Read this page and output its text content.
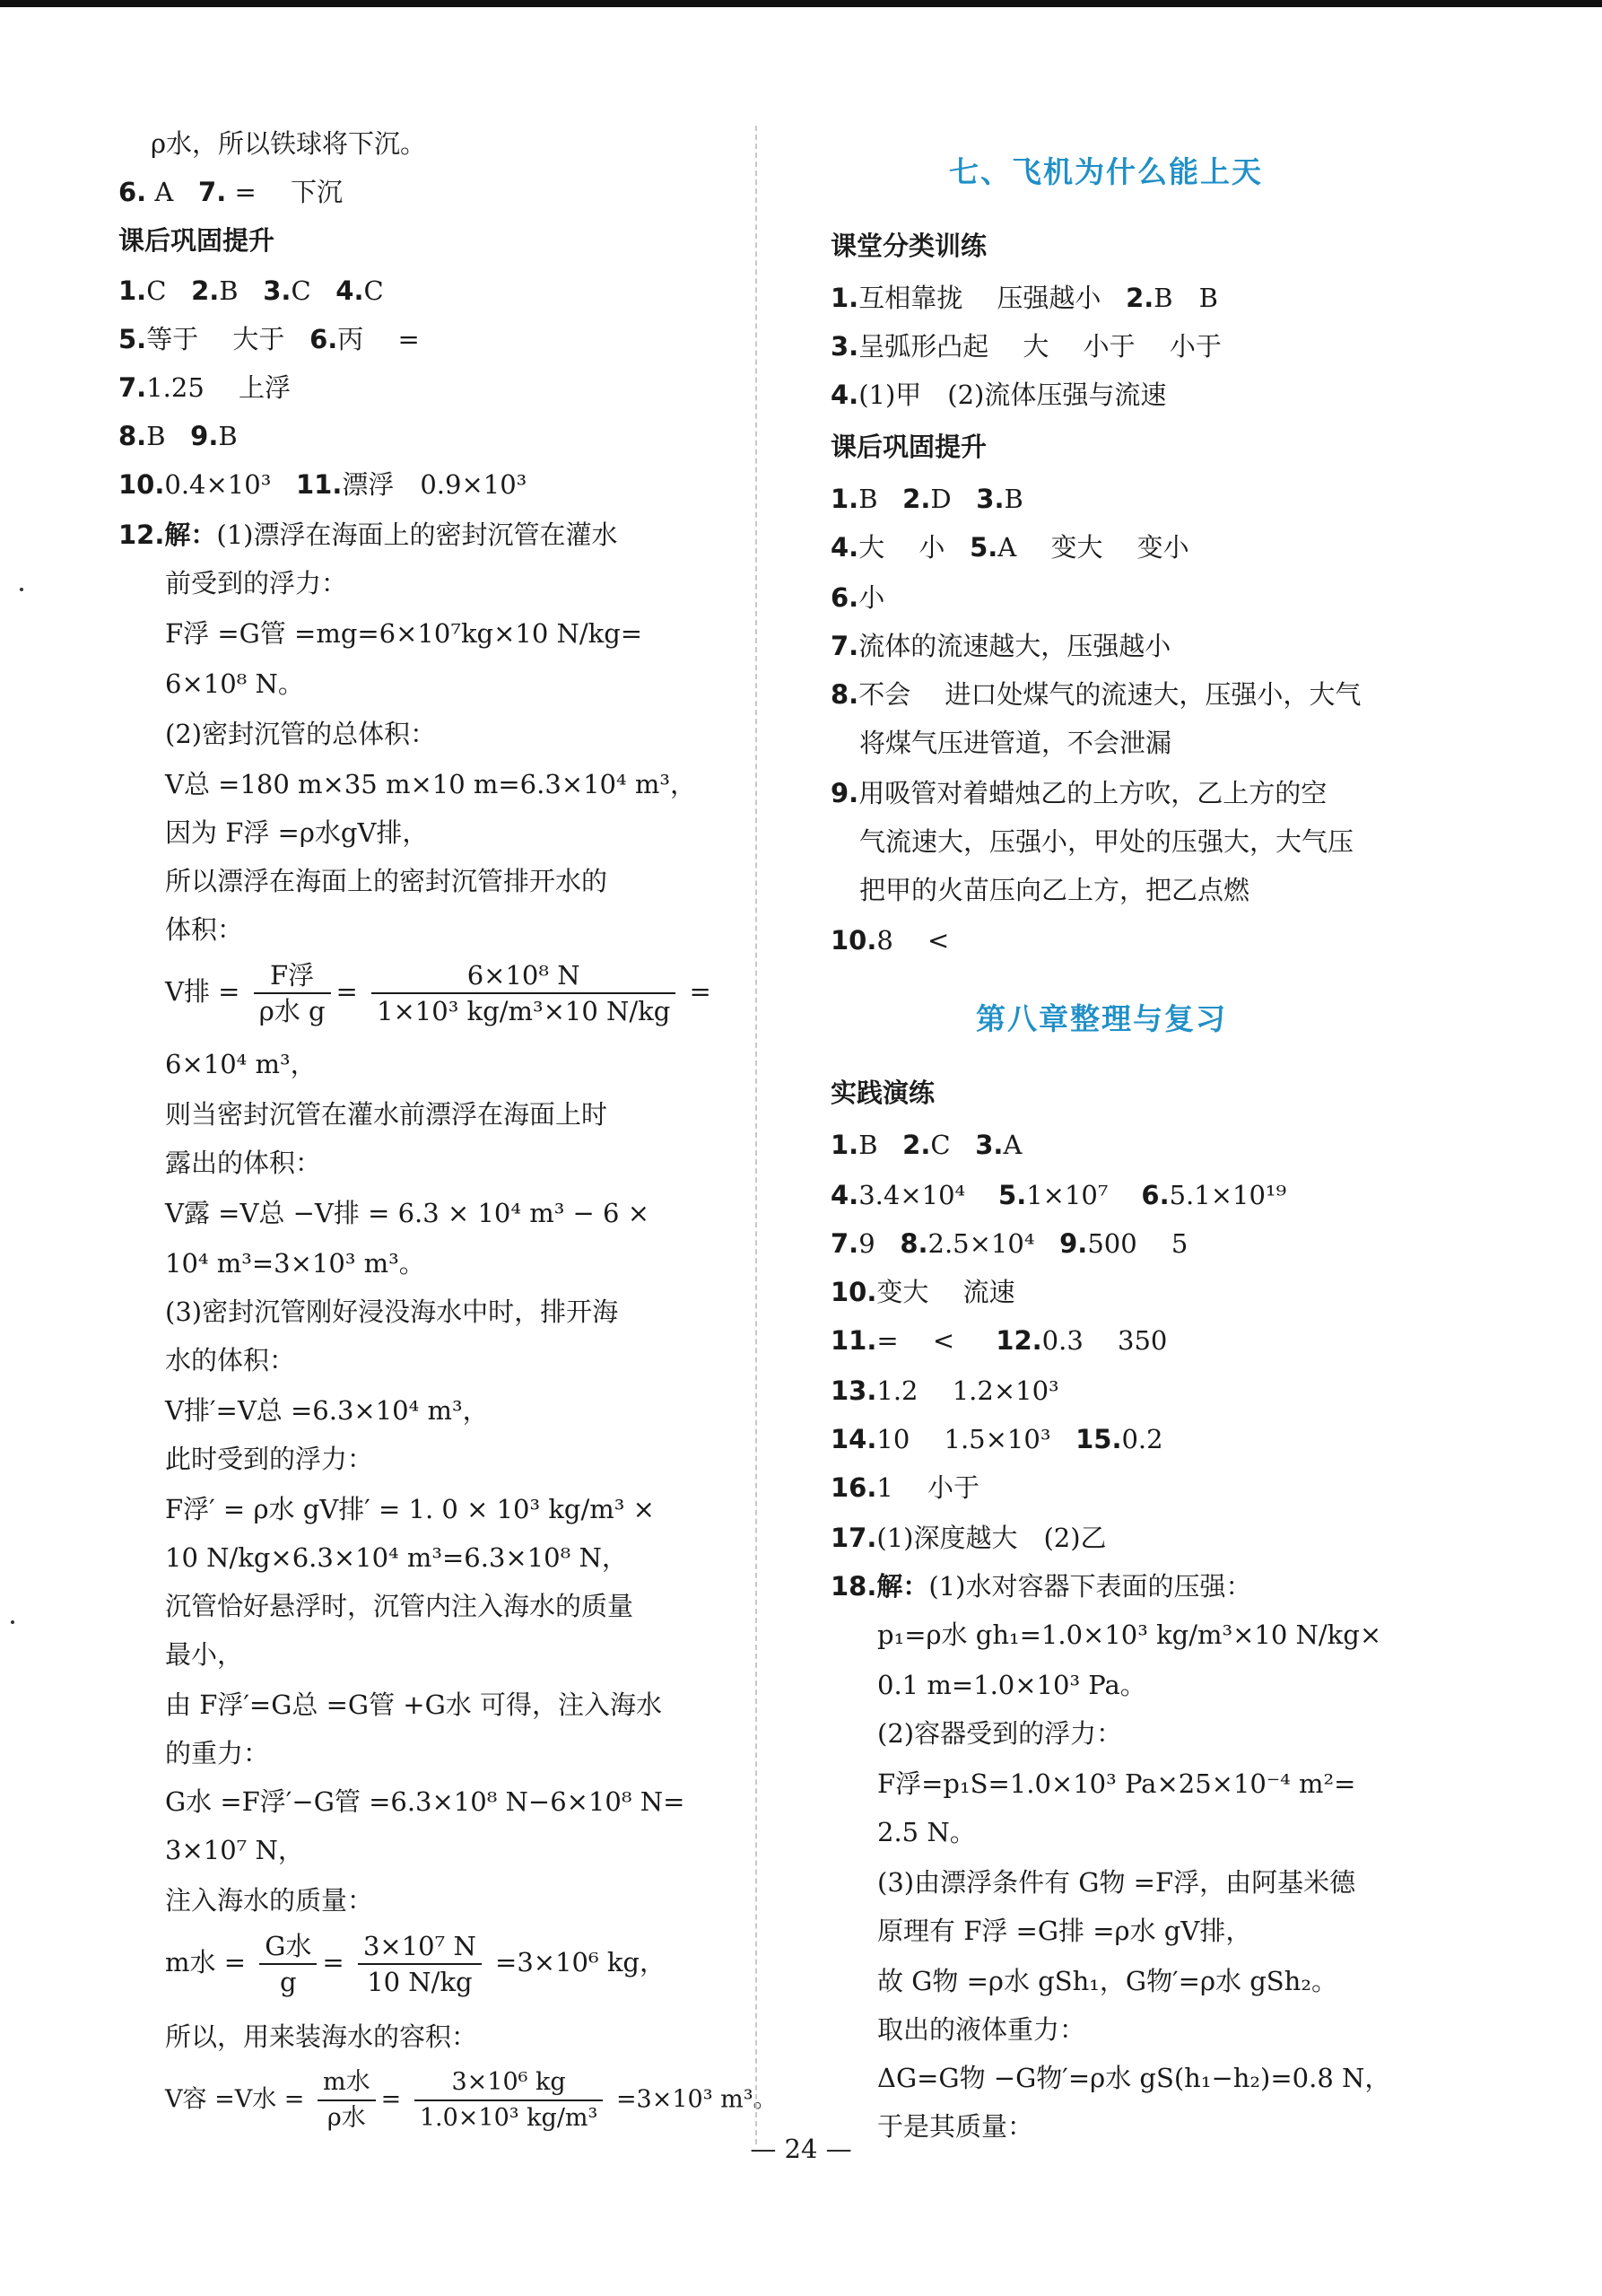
ρ水，所以铁球将下沉。
6. A 7. =　 下沉
课后巩固提升
1.C 2.B 3.C 4.C
5.等于　 大于 6.丙　 =
7.1.25　 上浮
8.B 9.B
10.0.4×10³ 11.漂浮　0.9×10³
12.解：(1)漂浮在海面上的密封沉管在灌水
前受到的浮力：
F浮 =G管 =mg=6×10⁷kg×10 N/kg=
6×10⁸ N。
(2)密封沉管的总体积：
V总 =180 m×35 m×10 m=6.3×10⁴ m³，
因为 F浮 =ρ水gV排，
所以漂浮在海面上的密封沉管排开水的
体积：
V排 = $\frac{\text{F浮}}{\text{ρ水 g}} = \frac{\text{6×10⁸ N}}{\text{1×10³ kg/m³×10 N/kg}}$ =
6×10⁴ m³，
则当密封沉管在灌水前漂浮在海面上时
露出的体积：
V露 =V总 −V排 = 6.3 × 10⁴ m³ − 6 ×
10⁴ m³=3×10³ m³。
(3)密封沉管刚好浸没海水中时，排开海
水的体积：
V排′=V总 =6.3×10⁴ m³，
此时受到的浮力：
F浮′ = ρ水 gV排′ = 1. 0 × 10³ kg/m³ ×
10 N/kg×6.3×10⁴ m³=6.3×10⁸ N，
沉管恰好悬浮时，沉管内注入海水的质量
最小，
由 F浮′=G总 =G管 +G水 可得，注入海水
的重力：
G水 =F浮′−G管 =6.3×10⁸ N−6×10⁸ N=
3×10⁷ N，
注入海水的质量：
m水 = $\frac{\text{G水}}{g} = \frac{\text{3×10⁷ N}}{10 N/kg} =3\times 10^6$ kg，
所以，用来装海水的容积：
V容 =V水 = $\frac{\text{m水}}{\text{ρ水}} = \frac{\text{3×10⁶ kg}}{\text{1.0×10³ kg/m³}} =3\times 10^3$ m³。
七、飞机为什么能上天
课堂分类训练
1.互相靠拢　 压强越小 2.B　B
3.呈弧形凸起　 大　 小于　 小于
4.(1)甲　(2)流体压强与流速
课后巩固提升
1.B 2.D 3.B
4.大　 小 5.A　 变大　 变小
6.小
7.流体的流速越大，压强越小
8.不会　 进口处煤气的流速大，压强小，大气
将煤气压进管道，不会泄漏
9.用吸管对着蜡烛乙的上方吹，乙上方的空
气流速大，压强小，甲处的压强大，大气压
把甲的火苗压向乙上方，把乙点燃
10.8　 <
第八章整理与复习
实践演练
1.B 2.C 3.A
4.3.4×10⁴ 5.1×10⁷ 6.5.1×10¹⁹
7.9 8.2.5×10⁴ 9.500　 5
10.变大　 流速
11.=　 < 12.0.3　 350
13.1.2　 1.2×10³
14.10　 1.5×10³ 15.0.2
16.1　 小于
17.(1)深度越大　(2)乙
18.解：(1)水对容器下表面的压强：
p₁=ρ水 gh₁=1.0×10³ kg/m³×10 N/kg×
0.1 m=1.0×10³ Pa。
(2)容器受到的浮力：
F浮=p₁S=1.0×10³ Pa×25×10⁻⁴ m²=
2.5 N。
(3)由漂浮条件有 G物 =F浮，由阿基米德
原理有 F浮 =G排 =ρ水 gV排，
故 G物 =ρ水 gSh₁，G物′=ρ水 gSh₂。
取出的液体重力：
ΔG=G物 −G物′=ρ水 gS(h₁−h₂)=0.8 N，
于是其质量：
— 24 —
